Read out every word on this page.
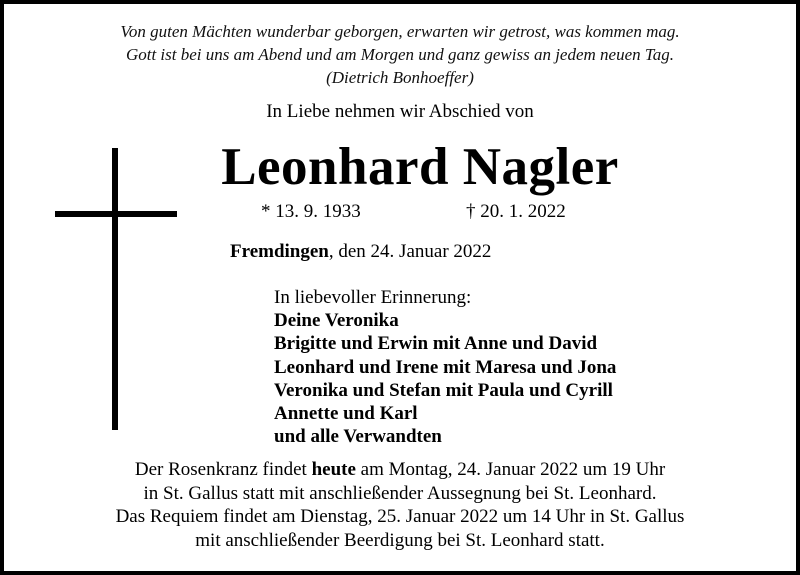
Von guten Mächten wunderbar geborgen, erwarten wir getrost, was kommen mag.
Gott ist bei uns am Abend und am Morgen und ganz gewiss an jedem neuen Tag.
(Dietrich Bonhoeffer)
In Liebe nehmen wir Abschied von
Leonhard Nagler
* 13. 9. 1933	† 20. 1. 2022
Fremdingen, den 24. Januar 2022
In liebevoller Erinnerung:
Deine Veronika
Brigitte und Erwin mit Anne und David
Leonhard und Irene mit Maresa und Jona
Veronika und Stefan mit Paula und Cyrill
Annette und Karl
und alle Verwandten
Der Rosenkranz findet heute am Montag, 24. Januar 2022 um 19 Uhr
in St. Gallus statt mit anschließender Aussegnung bei St. Leonhard.
Das Requiem findet am Dienstag, 25. Januar 2022 um 14 Uhr in St. Gallus
mit anschließender Beerdigung bei St. Leonhard statt.
